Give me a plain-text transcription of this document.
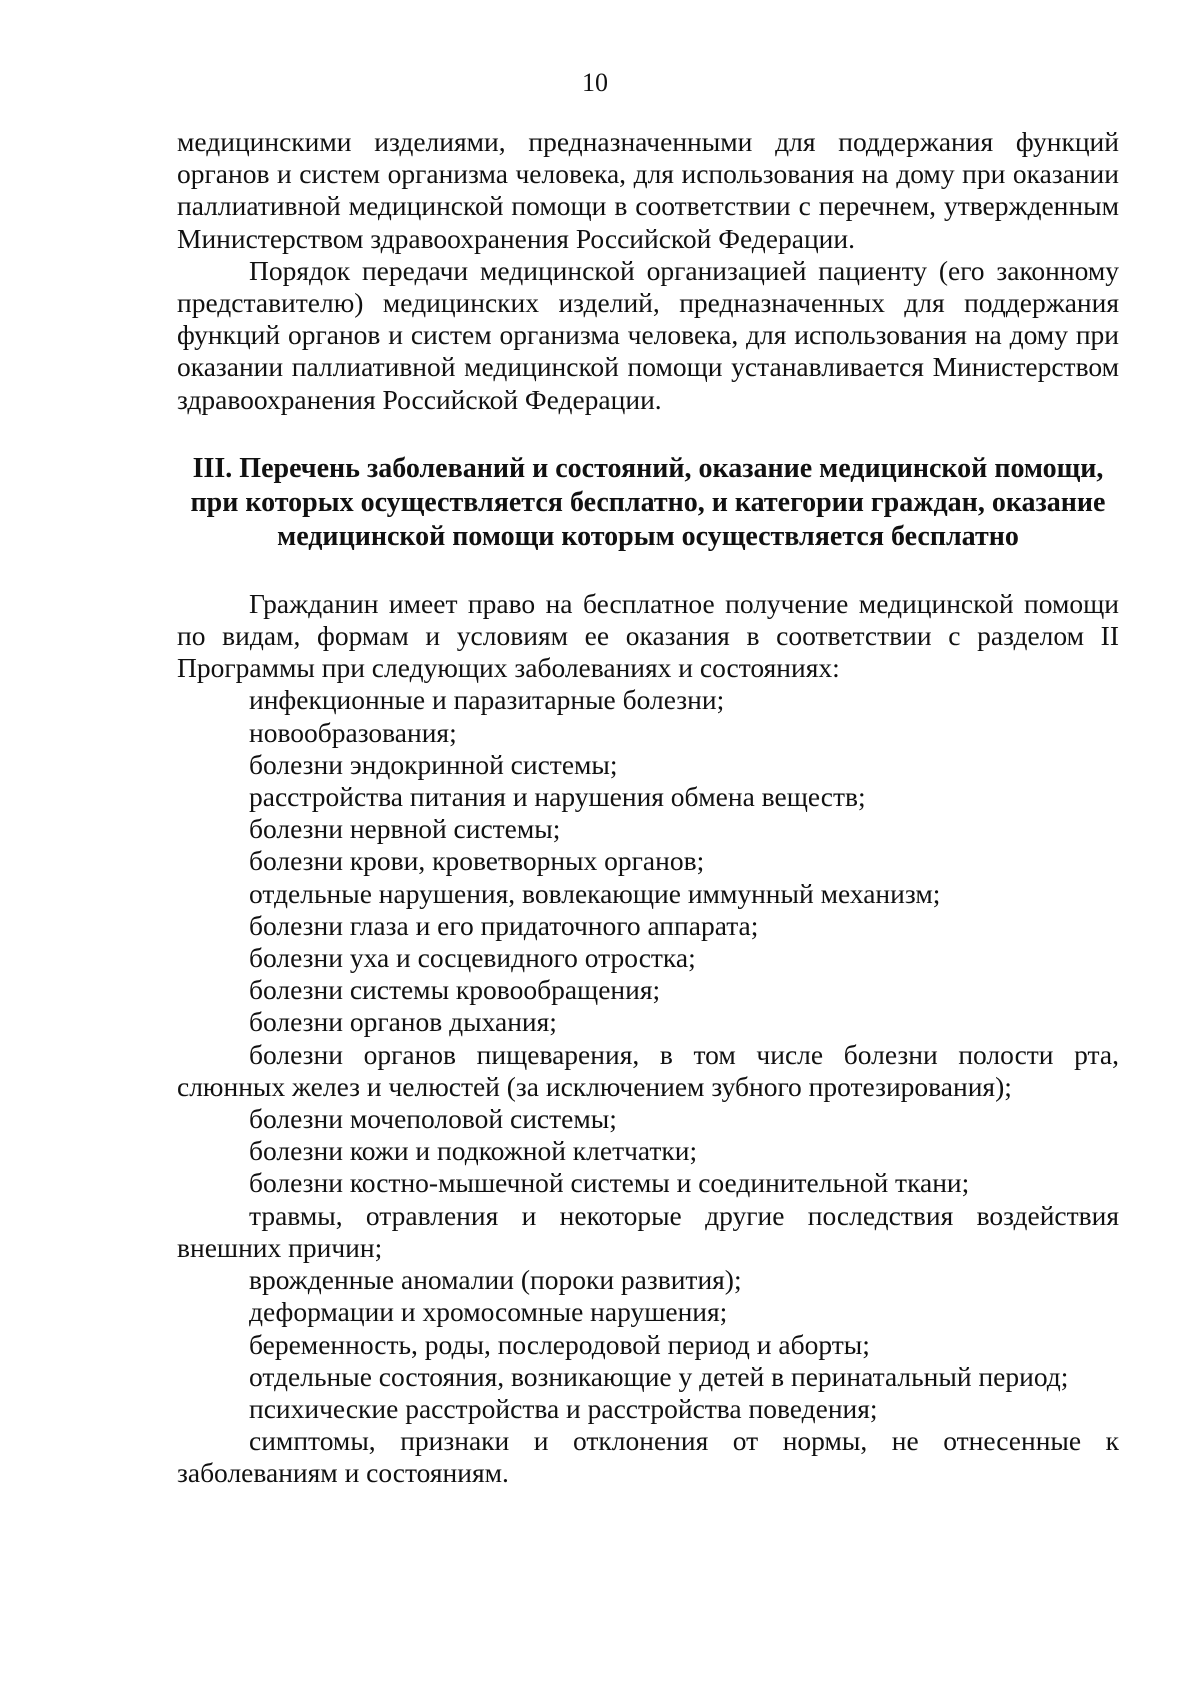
10

медицинскими изделиями, предназначенными для поддержания функций органов и систем организма человека, для использования на дому при оказании паллиативной медицинской помощи в соответствии с перечнем, утвержденным Министерством здравоохранения Российской Федерации.

Порядок передачи медицинской организацией пациенту (его законному представителю) медицинских изделий, предназначенных для поддержания функций органов и систем организма человека, для использования на дому при оказании паллиативной медицинской помощи устанавливается Министерством здравоохранения Российской Федерации.

III. Перечень заболеваний и состояний, оказание медицинской помощи,
при которых осуществляется бесплатно, и категории граждан, оказание
медицинской помощи которым осуществляется бесплатно

Гражданин имеет право на бесплатное получение медицинской помощи по видам, формам и условиям ее оказания в соответствии с разделом II Программы при следующих заболеваниях и состояниях:

инфекционные и паразитарные болезни;

новообразования;

болезни эндокринной системы;

расстройства питания и нарушения обмена веществ;

болезни нервной системы;

болезни крови, кроветворных органов;

отдельные нарушения, вовлекающие иммунный механизм;

болезни глаза и его придаточного аппарата;

болезни уха и сосцевидного отростка;

болезни системы кровообращения;

болезни органов дыхания;

болезни органов пищеварения, в том числе болезни полости рта, слюнных желез и челюстей (за исключением зубного протезирования);

болезни мочеполовой системы;

болезни кожи и подкожной клетчатки;

болезни костно-мышечной системы и соединительной ткани;

травмы, отравления и некоторые другие последствия воздействия внешних причин;

врожденные аномалии (пороки развития);

деформации и хромосомные нарушения;

беременность, роды, послеродовой период и аборты;

отдельные состояния, возникающие у детей в перинатальный период;

психические расстройства и расстройства поведения;

симптомы, признаки и отклонения от нормы, не отнесенные к заболеваниям и состояниям.
